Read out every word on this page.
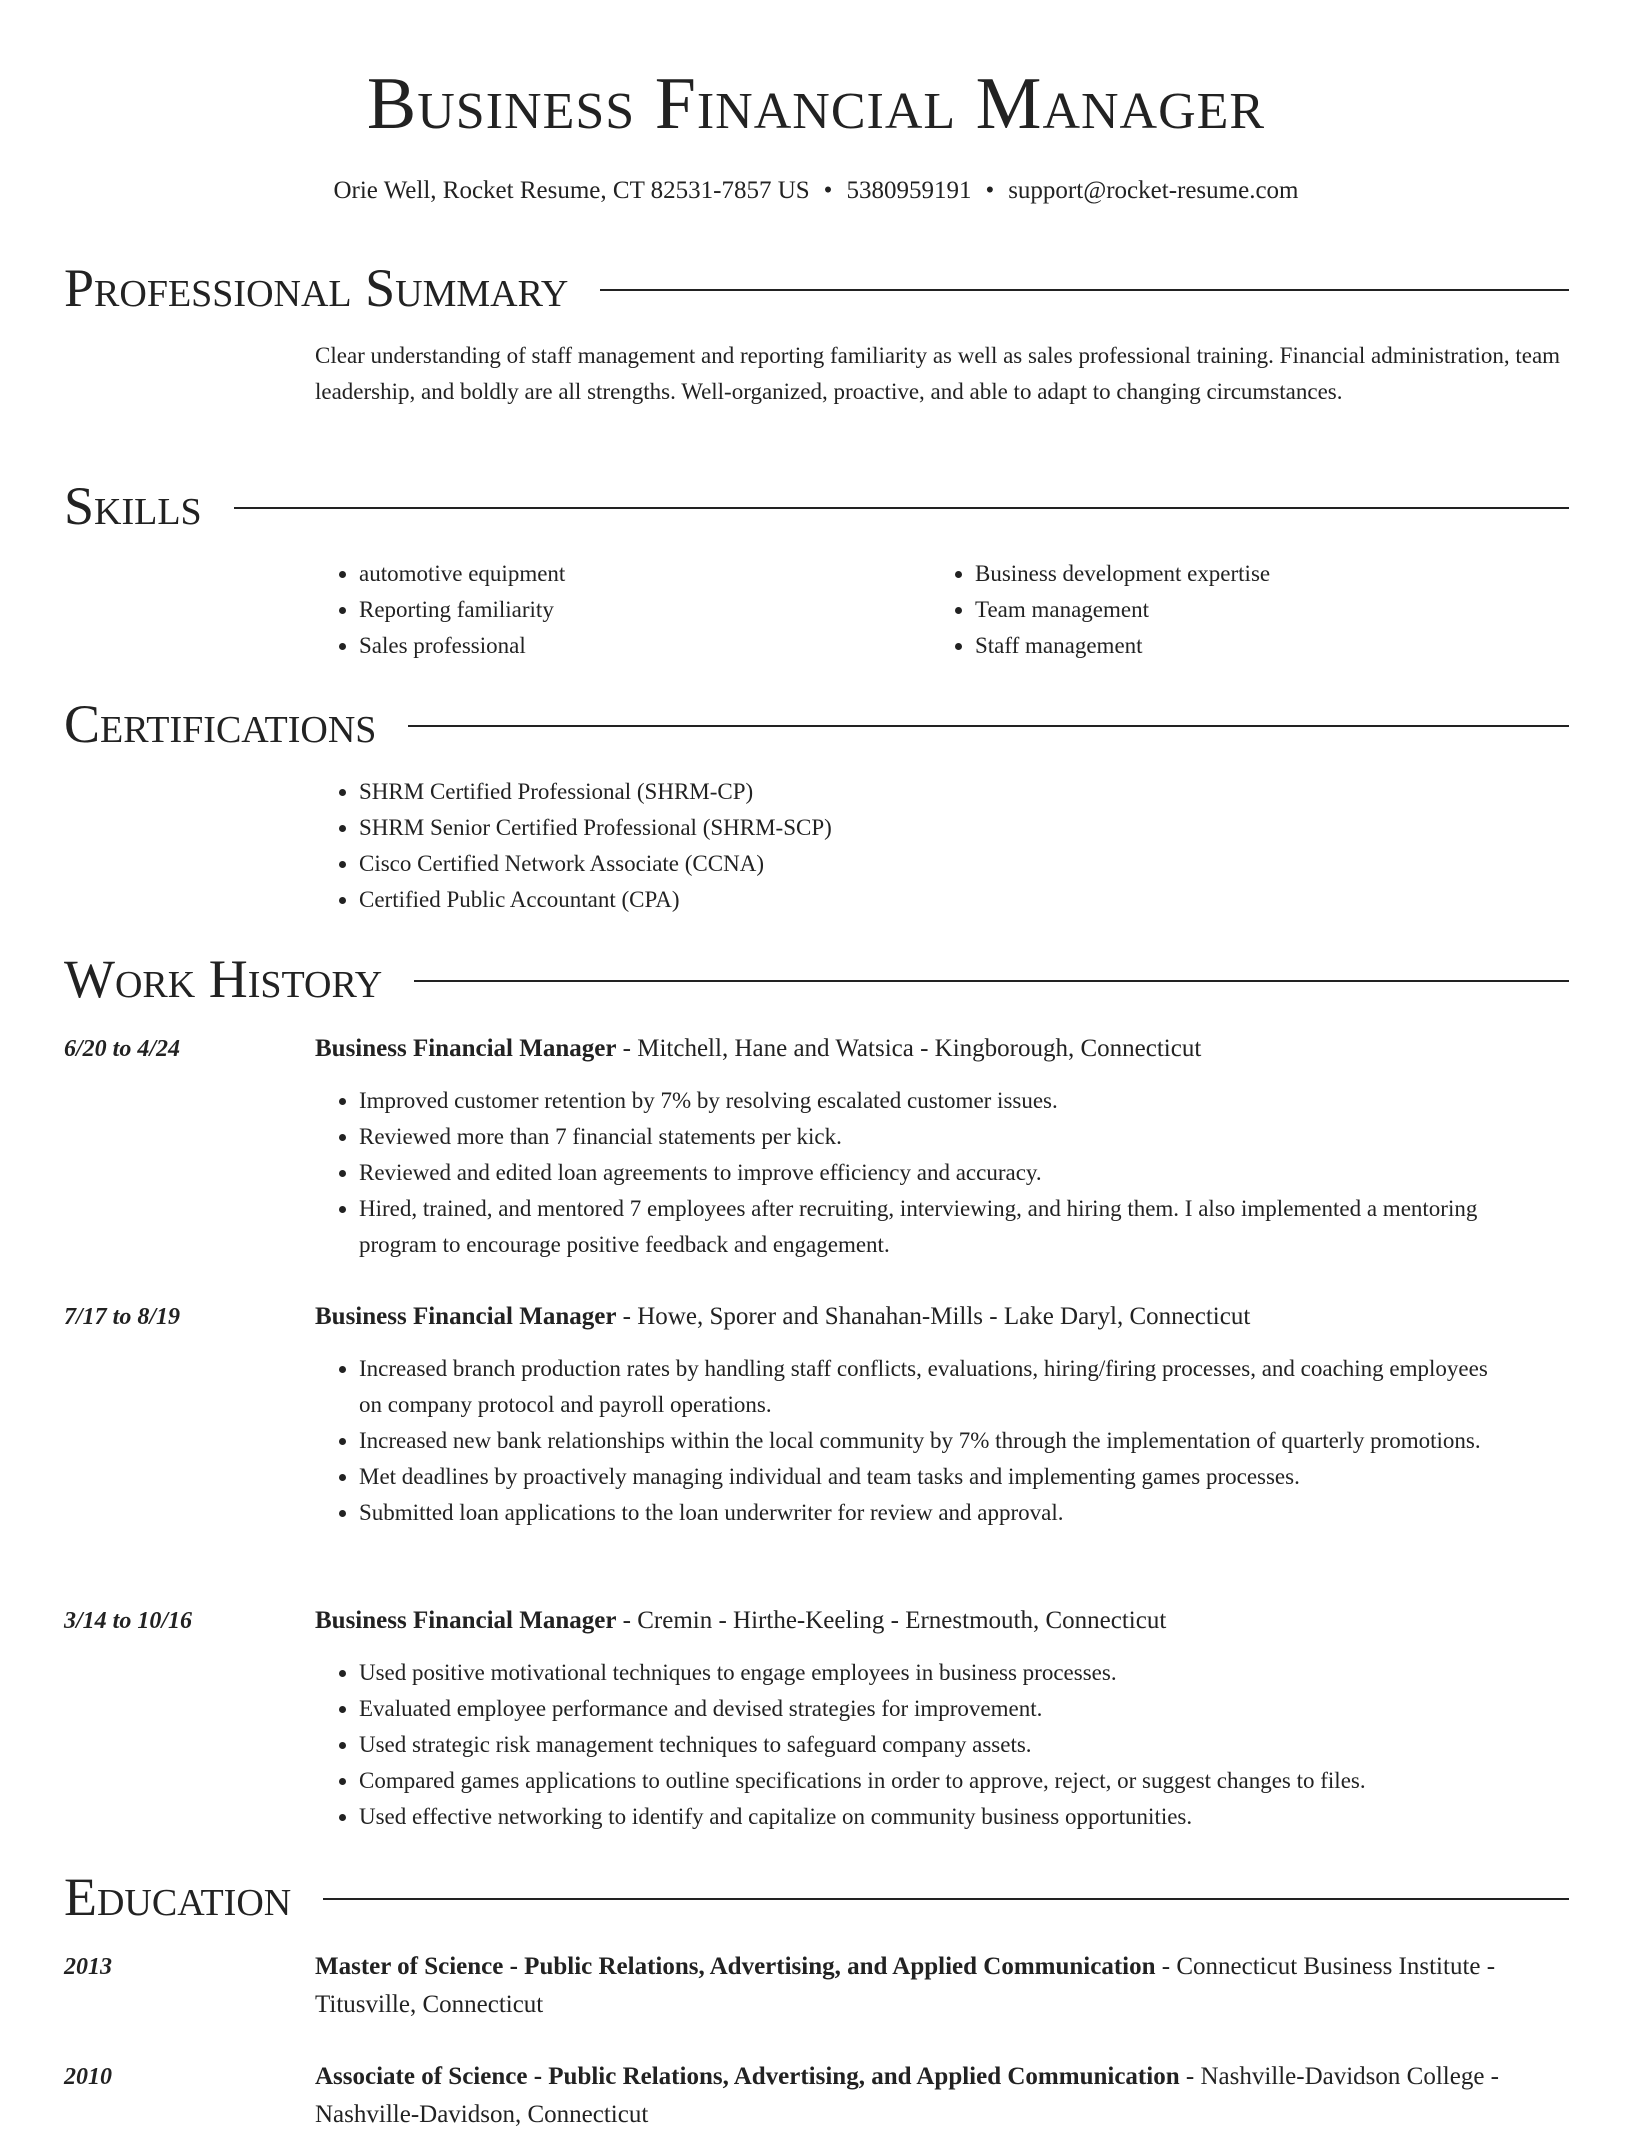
Business Financial Manager
Orie Well, Rocket Resume, CT 82531-7857 US • 5380959191 • support@rocket-resume.com
Professional Summary
Clear understanding of staff management and reporting familiarity as well as sales professional training. Financial administration, team leadership, and boldly are all strengths. Well-organized, proactive, and able to adapt to changing circumstances.
Skills
• automotive equipment
• Reporting familiarity
• Sales professional
• Business development expertise
• Team management
• Staff management
Certifications
• SHRM Certified Professional (SHRM-CP)
• SHRM Senior Certified Professional (SHRM-SCP)
• Cisco Certified Network Associate (CCNA)
• Certified Public Accountant (CPA)
Work History
6/20 to 4/24	Business Financial Manager - Mitchell, Hane and Watsica - Kingborough, Connecticut
• Improved customer retention by 7% by resolving escalated customer issues.
• Reviewed more than 7 financial statements per kick.
• Reviewed and edited loan agreements to improve efficiency and accuracy.
• Hired, trained, and mentored 7 employees after recruiting, interviewing, and hiring them. I also implemented a mentoring program to encourage positive feedback and engagement.
7/17 to 8/19	Business Financial Manager - Howe, Sporer and Shanahan-Mills - Lake Daryl, Connecticut
• Increased branch production rates by handling staff conflicts, evaluations, hiring/firing processes, and coaching employees on company protocol and payroll operations.
• Increased new bank relationships within the local community by 7% through the implementation of quarterly promotions.
• Met deadlines by proactively managing individual and team tasks and implementing games processes.
• Submitted loan applications to the loan underwriter for review and approval.
3/14 to 10/16	Business Financial Manager - Cremin - Hirthe-Keeling - Ernestmouth, Connecticut
• Used positive motivational techniques to engage employees in business processes.
• Evaluated employee performance and devised strategies for improvement.
• Used strategic risk management techniques to safeguard company assets.
• Compared games applications to outline specifications in order to approve, reject, or suggest changes to files.
• Used effective networking to identify and capitalize on community business opportunities.
Education
2013	Master of Science - Public Relations, Advertising, and Applied Communication - Connecticut Business Institute - Titusville, Connecticut
2010	Associate of Science - Public Relations, Advertising, and Applied Communication - Nashville-Davidson College - Nashville-Davidson, Connecticut
